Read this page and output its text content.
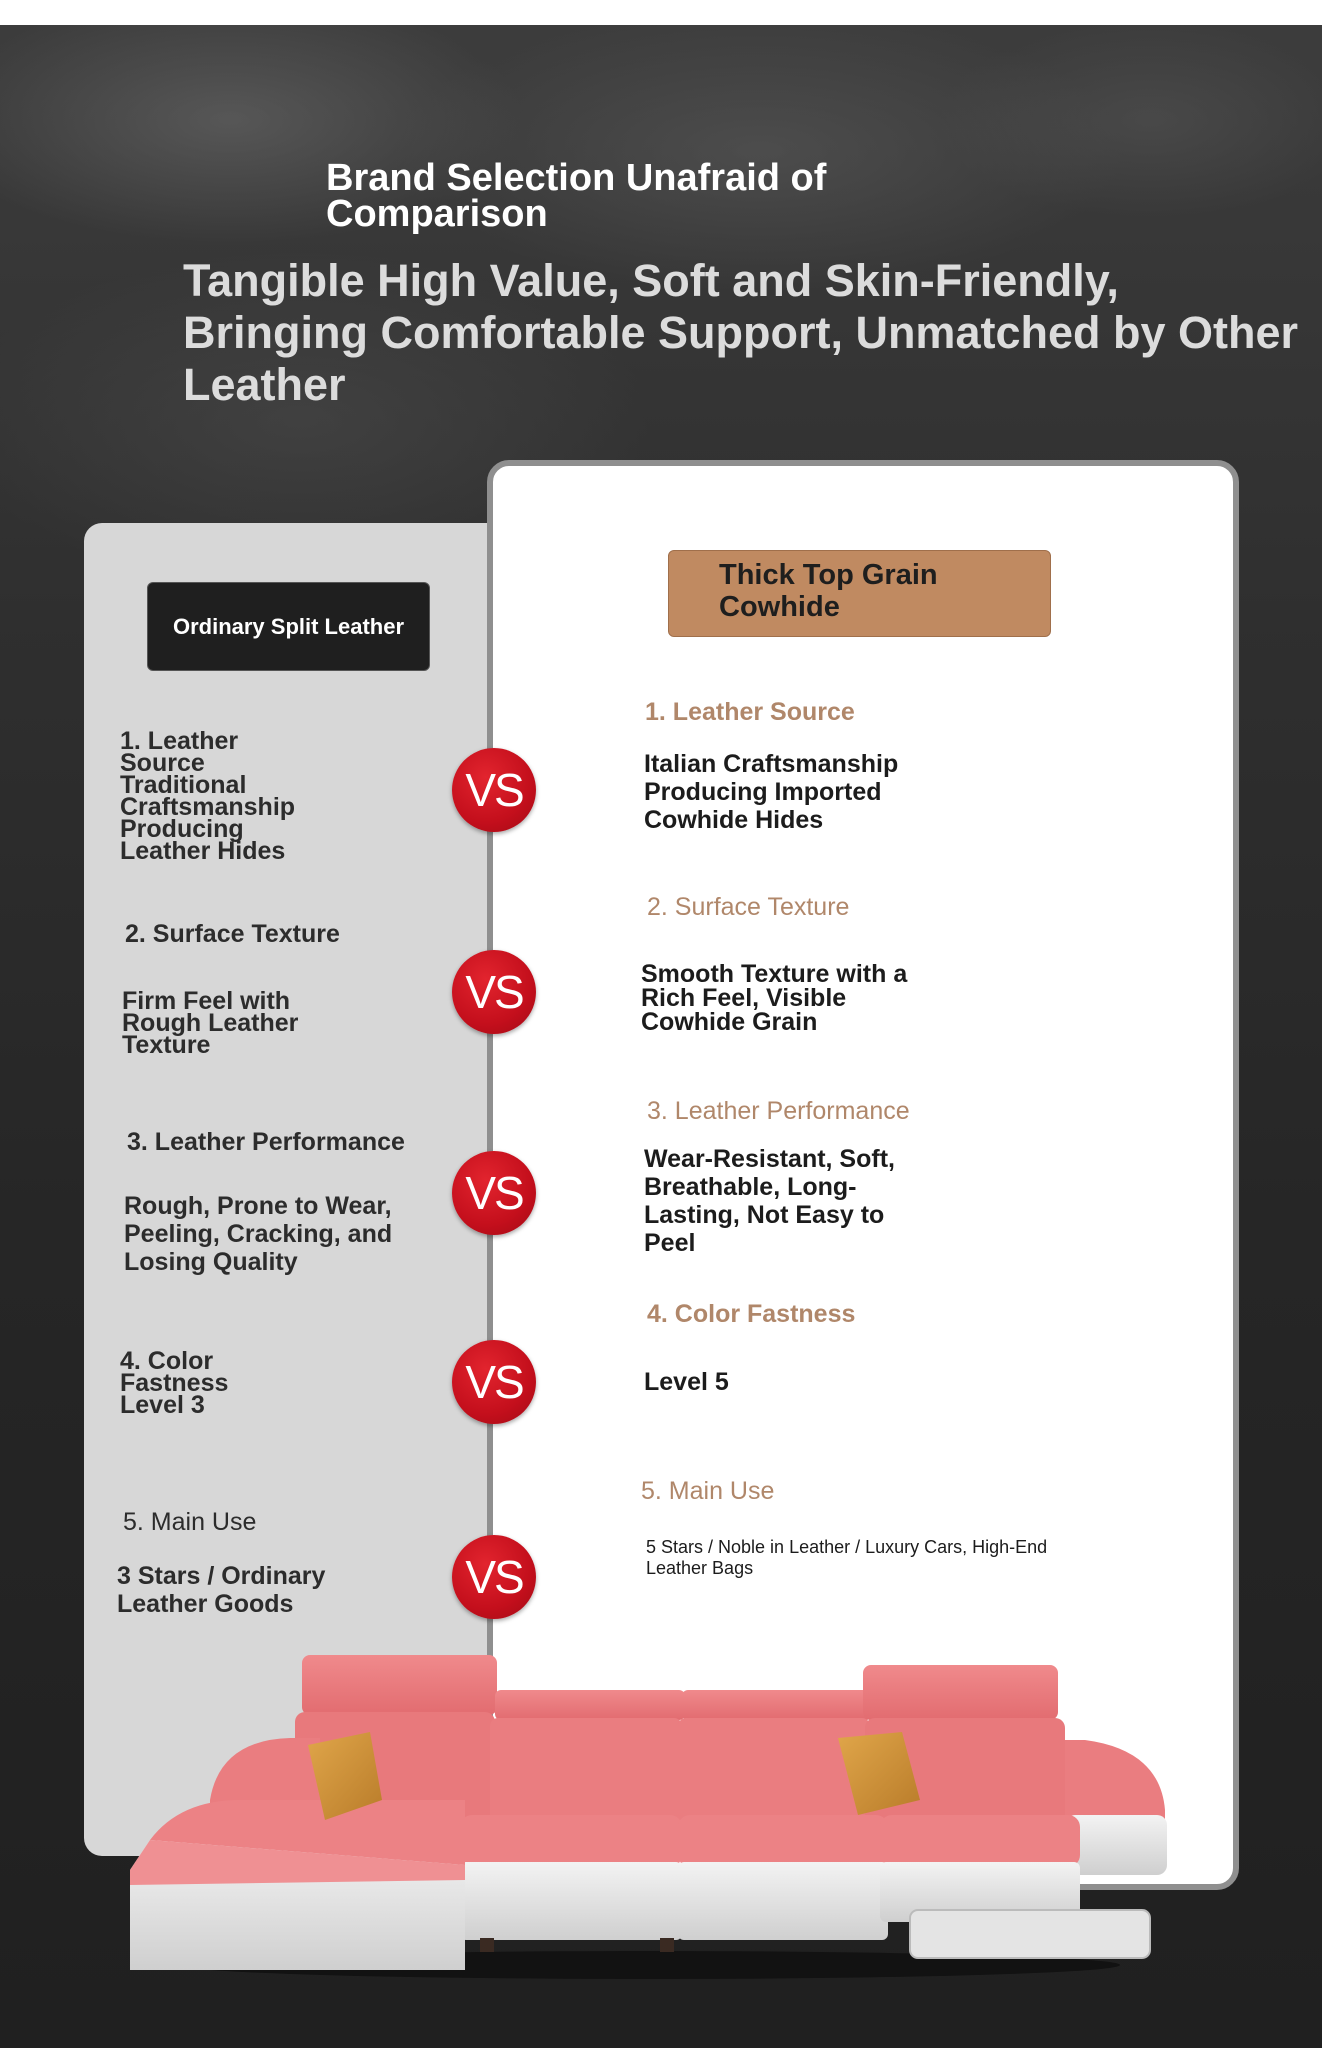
Brand Selection Unafraid of Comparison
Tangible High Value, Soft and Skin-Friendly, Bringing Comfortable Support, Unmatched by Other Leather
Ordinary Split Leather
Thick Top Grain Cowhide
1. Leather Source Traditional Craftsmanship Producing Leather Hides
2. Surface Texture
Firm Feel with Rough Leather Texture
3. Leather Performance
Rough, Prone to Wear, Peeling, Cracking, and Losing Quality
4. Color Fastness Level 3
5. Main Use
3 Stars / Ordinary Leather Goods
VS
VS
VS
VS
VS
1. Leather Source
Italian Craftsmanship Producing Imported Cowhide Hides
2. Surface Texture
Smooth Texture with a Rich Feel, Visible Cowhide Grain
3. Leather Performance
Wear-Resistant, Soft, Breathable, Long-Lasting, Not Easy to Peel
4. Color Fastness
Level 5
5. Main Use
5 Stars / Noble in Leather / Luxury Cars, High-End Leather Bags
